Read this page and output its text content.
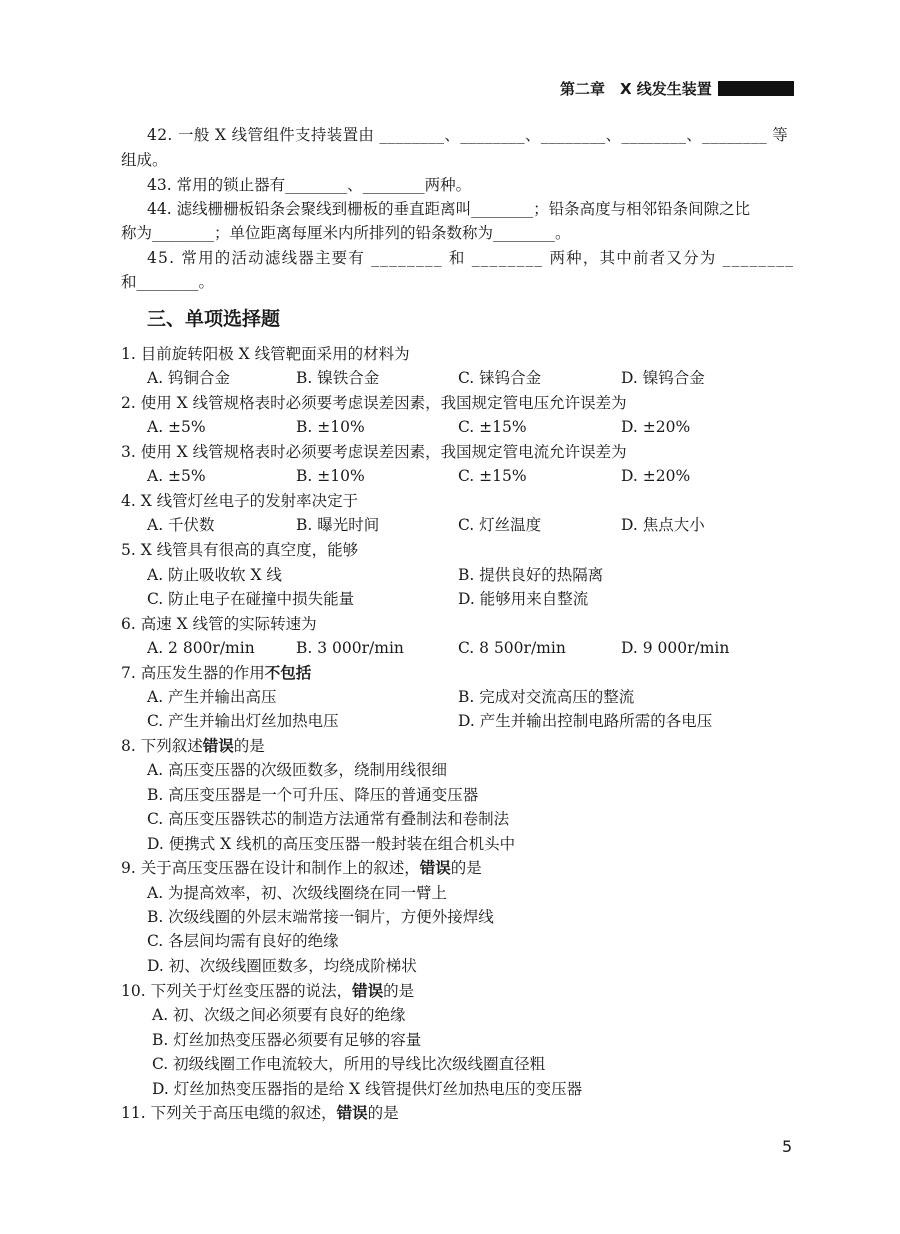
第二章　X 线发生装置
42. 一般 X 线管组件支持装置由 ________、________、________、________、________ 等
组成。
43. 常用的锁止器有________、________两种。
44. 滤线栅栅板铅条会聚线到栅板的垂直距离叫________；铅条高度与相邻铅条间隙之比
称为________；单位距离每厘米内所排列的铅条数称为________。
45. 常用的活动滤线器主要有 ________ 和 ________ 两种，其中前者又分为 ________
和________。
三、单项选择题
1. 目前旋转阳极 X 线管靶面采用的材料为
A. 钨铜合金	B. 镍铁合金	C. 铼钨合金	D. 镍钨合金
2. 使用 X 线管规格表时必须要考虑误差因素，我国规定管电压允许误差为
A. ±5%	B. ±10%	C. ±15%	D. ±20%
3. 使用 X 线管规格表时必须要考虑误差因素，我国规定管电流允许误差为
A. ±5%	B. ±10%	C. ±15%	D. ±20%
4. X 线管灯丝电子的发射率决定于
A. 千伏数	B. 曝光时间	C. 灯丝温度	D. 焦点大小
5. X 线管具有很高的真空度，能够
A. 防止吸收软 X 线	B. 提供良好的热隔离
C. 防止电子在碰撞中损失能量	D. 能够用来自整流
6. 高速 X 线管的实际转速为
A. 2 800r/min	B. 3 000r/min	C. 8 500r/min	D. 9 000r/min
7. 高压发生器的作用不包括
A. 产生并输出高压	B. 完成对交流高压的整流
C. 产生并输出灯丝加热电压	D. 产生并输出控制电路所需的各电压
8. 下列叙述错误的是
A. 高压变压器的次级匝数多，绕制用线很细
B. 高压变压器是一个可升压、降压的普通变压器
C. 高压变压器铁芯的制造方法通常有叠制法和卷制法
D. 便携式 X 线机的高压变压器一般封装在组合机头中
9. 关于高压变压器在设计和制作上的叙述，错误的是
A. 为提高效率，初、次级线圈绕在同一臂上
B. 次级线圈的外层末端常接一铜片，方便外接焊线
C. 各层间均需有良好的绝缘
D. 初、次级线圈匝数多，均绕成阶梯状
10. 下列关于灯丝变压器的说法，错误的是
A. 初、次级之间必须要有良好的绝缘
B. 灯丝加热变压器必须要有足够的容量
C. 初级线圈工作电流较大，所用的导线比次级线圈直径粗
D. 灯丝加热变压器指的是给 X 线管提供灯丝加热电压的变压器
11. 下列关于高压电缆的叙述，错误的是
5
